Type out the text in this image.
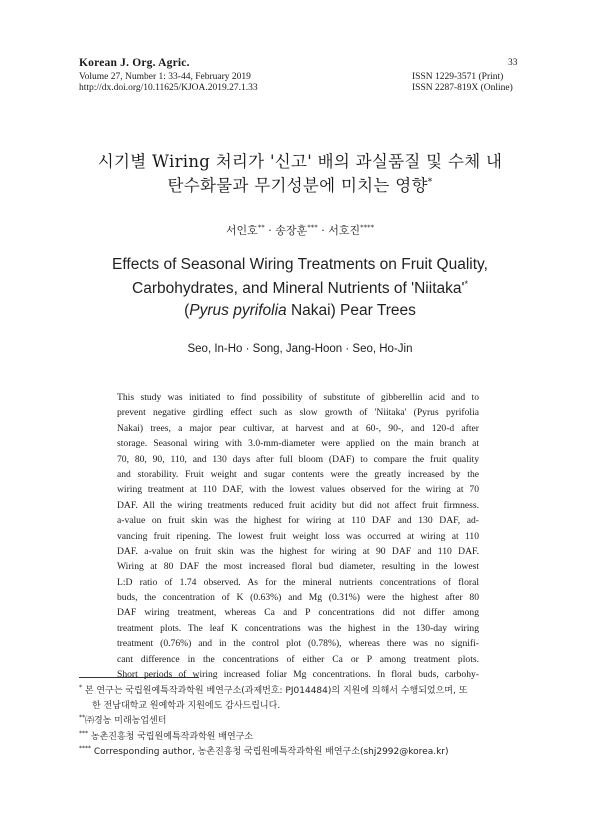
Korean J. Org. Agric.
Volume 27, Number 1: 33-44, February 2019
http://dx.doi.org/10.11625/KJOA.2019.27.1.33
33
ISSN 1229-3571 (Print)
ISSN 2287-819X (Online)
시기별 Wiring 처리가 '신고' 배의 과실품질 및 수체 내
탄수화물과 무기성분에 미치는 영향*
서인호** · 송장훈*** · 서호진****
Effects of Seasonal Wiring Treatments on Fruit Quality,
Carbohydrates, and Mineral Nutrients of 'Niitaka'*
(Pyrus pyrifolia Nakai) Pear Trees
Seo, In-Ho · Song, Jang-Hoon · Seo, Ho-Jin
This study was initiated to find possibility of substitute of gibberellin acid and to
prevent negative girdling effect such as slow growth of 'Niitaka' (Pyrus pyrifolia
Nakai) trees, a major pear cultivar, at harvest and at 60-, 90-, and 120-d after
storage. Seasonal wiring with 3.0-mm-diameter were applied on the main branch at
70, 80, 90, 110, and 130 days after full bloom (DAF) to compare the fruit quality
and storability. Fruit weight and sugar contents were the greatly increased by the
wiring treatment at 110 DAF, with the lowest values observed for the wiring at 70
DAF. All the wiring treatments reduced fruit acidity but did not affect fruit firmness.
a-value on fruit skin was the highest for wiring at 110 DAF and 130 DAF, ad-
vancing fruit ripening. The lowest fruit weight loss was occurred at wiring at 110
DAF. a-value on fruit skin was the highest for wiring at 90 DAF and 110 DAF.
Wiring at 80 DAF the most increased floral bud diameter, resulting in the lowest
L:D ratio of 1.74 observed. As for the mineral nutrients concentrations of floral
buds, the concentration of K (0.63%) and Mg (0.31%) were the highest after 80
DAF wiring treatment, whereas Ca and P concentrations did not differ among
treatment plots. The leaf K concentrations was the highest in the 130-day wiring
treatment (0.76%) and in the control plot (0.78%), whereas there was no signifi-
cant difference in the concentrations of either Ca or P among treatment plots.
Short periods of wiring increased foliar Mg concentrations. In floral buds, carbohy-
* 본 연구는 국립원예특작과학원 베연구소(과제번호: PJ014484)의 지원에 의해서 수행되었으며, 또
한 전남대학교 원예학과 지원에도 감사드립니다.
**㈜경농 미래농업센터
*** 농촌진흥청 국립원예특작과학원 배연구소
**** Corresponding author, 농촌진흥청 국립원예특작과학원 배연구소(shj2992@korea.kr)
